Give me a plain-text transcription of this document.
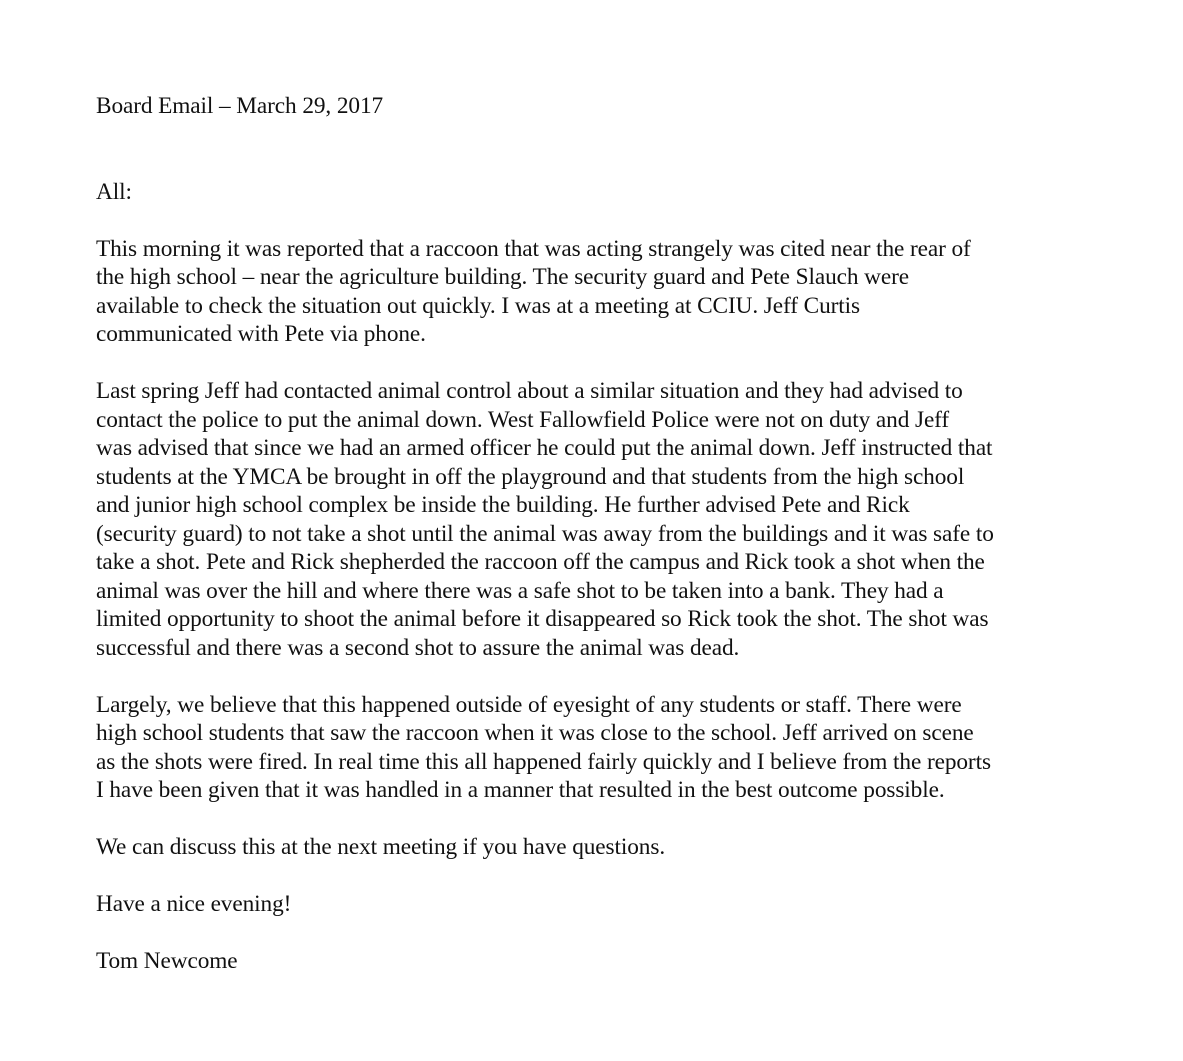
Board Email – March 29, 2017

All:

This morning it was reported that a raccoon that was acting strangely was cited near the rear of
the high school – near the agriculture building. The security guard and Pete Slauch were
available to check the situation out quickly. I was at a meeting at CCIU. Jeff Curtis
communicated with Pete via phone.

Last spring Jeff had contacted animal control about a similar situation and they had advised to
contact the police to put the animal down. West Fallowfield Police were not on duty and Jeff
was advised that since we had an armed officer he could put the animal down. Jeff instructed that
students at the YMCA be brought in off the playground and that students from the high school
and junior high school complex be inside the building. He further advised Pete and Rick
(security guard) to not take a shot until the animal was away from the buildings and it was safe to
take a shot. Pete and Rick shepherded the raccoon off the campus and Rick took a shot when the
animal was over the hill and where there was a safe shot to be taken into a bank. They had a
limited opportunity to shoot the animal before it disappeared so Rick took the shot. The shot was
successful and there was a second shot to assure the animal was dead.

Largely, we believe that this happened outside of eyesight of any students or staff. There were
high school students that saw the raccoon when it was close to the school. Jeff arrived on scene
as the shots were fired. In real time this all happened fairly quickly and I believe from the reports
I have been given that it was handled in a manner that resulted in the best outcome possible.

We can discuss this at the next meeting if you have questions.

Have a nice evening!

Tom Newcome
